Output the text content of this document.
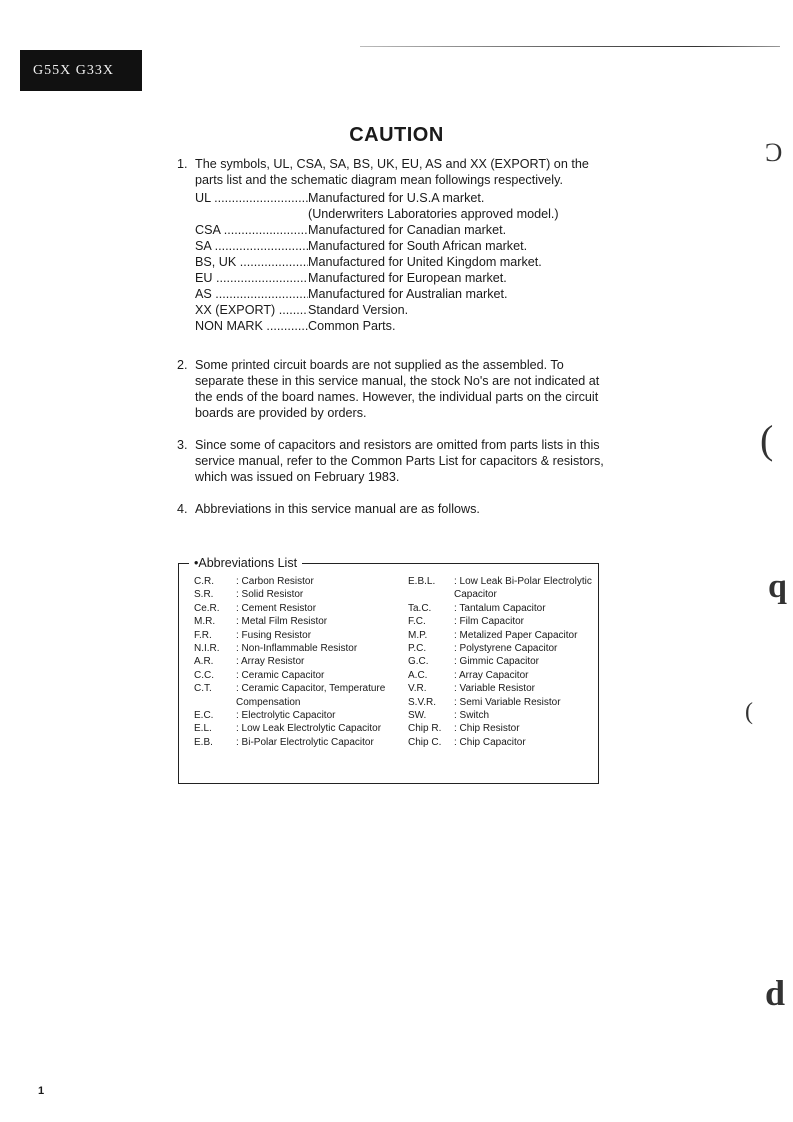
G55X G33X
Ɔ
(
q
(
d
CAUTION
1. The symbols, UL, CSA, SA, BS, UK, EU, AS and XX (EXPORT) on the parts list and the schematic diagram mean followings respectively.
UL .....	Manufactured for U.S.A market.
(Underwriters Laboratories approved model.)
CSA .....	Manufactured for Canadian market.
SA .....	Manufactured for South African market.
BS, UK .....	Manufactured for United Kingdom market.
EU .....	Manufactured for European market.
AS .....	Manufactured for Australian market.
XX (EXPORT) .....	Standard Version.
NON MARK .....	Common Parts.
2. Some printed circuit boards are not supplied as the assembled. To separate these in this service manual, the stock No's are not indicated at the ends of the board names. However, the individual parts on the circuit boards are provided by orders.
3. Since some of capacitors and resistors are omitted from parts lists in this service manual, refer to the Common Parts List for capacitors & resistors, which was issued on February 1983.
4. Abbreviations in this service manual are as follows.
•Abbreviations List
C.R.	: Carbon Resistor
S.R.	: Solid Resistor
Ce.R.	: Cement Resistor
M.R.	: Metal Film Resistor
F.R.	: Fusing Resistor
N.I.R.	: Non-Inflammable Resistor
A.R.	: Array Resistor
C.C.	: Ceramic Capacitor
C.T.	: Ceramic Capacitor, Temperature Compensation
E.C.	: Electrolytic Capacitor
E.L.	: Low Leak Electrolytic Capacitor
E.B.	: Bi-Polar Electrolytic Capacitor
E.B.L.	: Low Leak Bi-Polar Electrolytic Capacitor
Ta.C.	: Tantalum Capacitor
F.C.	: Film Capacitor
M.P.	: Metalized Paper Capacitor
P.C.	: Polystyrene Capacitor
G.C.	: Gimmic Capacitor
A.C.	: Array Capacitor
V.R.	: Variable Resistor
S.V.R.	: Semi Variable Resistor
SW.	: Switch
Chip R.	: Chip Resistor
Chip C.	: Chip Capacitor
1
